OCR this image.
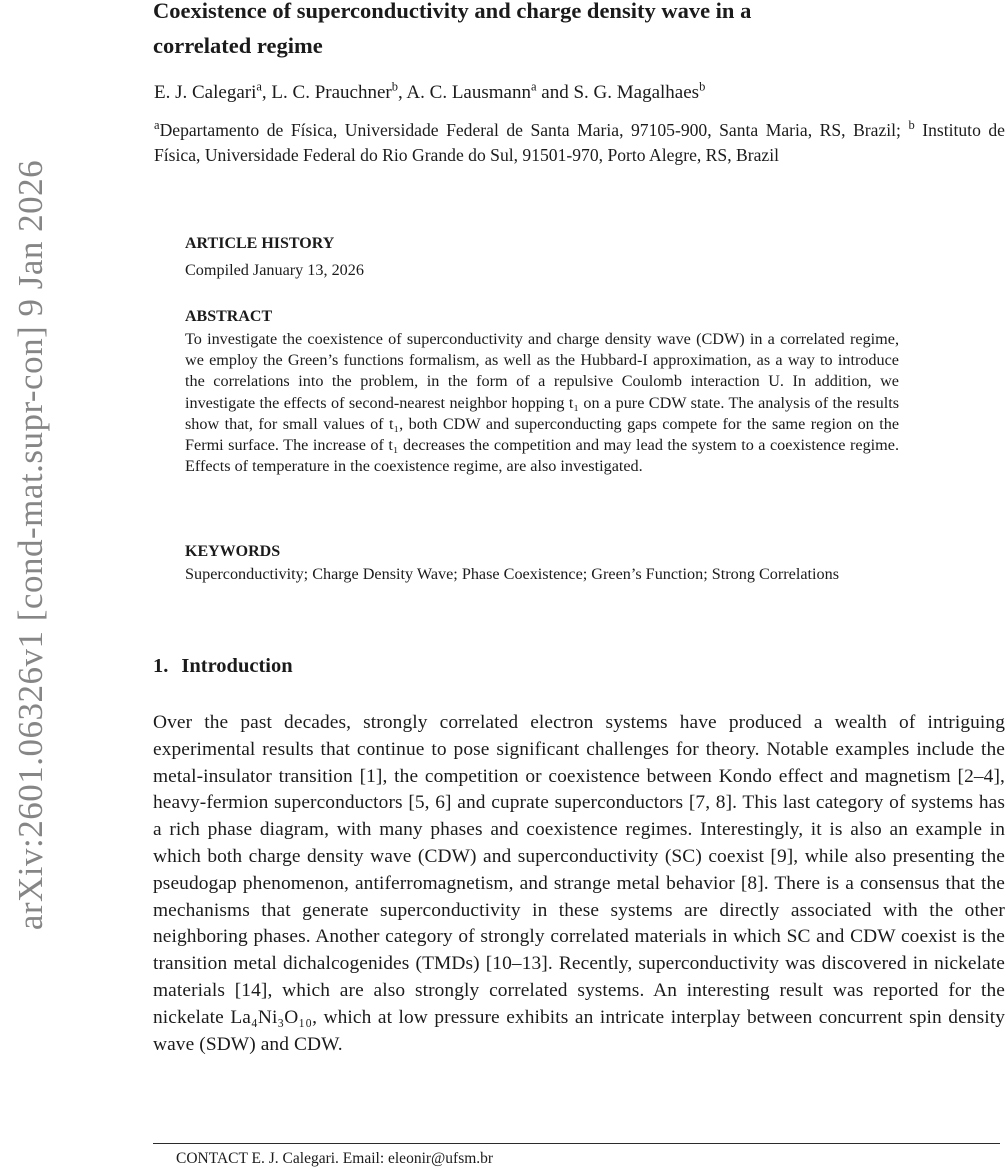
arXiv:2601.06326v1 [cond-mat.supr-con] 9 Jan 2026
Coexistence of superconductivity and charge density wave in a
correlated regime

E. J. Calegari$^a$, L. C. Prauchner$^b$, A. C. Lausmann$^a$ and S. G. Magalhaes$^b$

$^a$Departamento de Física, Universidade Federal de Santa Maria, 97105-900, Santa Maria, RS, Brazil; $^b$ Instituto de Física, Universidade Federal do Rio Grande do Sul, 91501-970, Porto Alegre, RS, Brazil

ARTICLE HISTORY

Compiled January 13, 2026

ABSTRACT

To investigate the coexistence of superconductivity and charge density wave (CDW) in a correlated regime, we employ the Green’s functions formalism, as well as the Hubbard-I approximation, as a way to introduce the correlations into the problem, in the form of a repulsive Coulomb interaction U. In addition, we investigate the effects of second-nearest neighbor hopping t₁ on a pure CDW state. The analysis of the results show that, for small values of t₁, both CDW and superconducting gaps compete for the same region on the Fermi surface. The increase of t₁ decreases the competition and may lead the system to a coexistence regime. Effects of temperature in the coexistence regime, are also investigated.

KEYWORDS

Superconductivity; Charge Density Wave; Phase Coexistence; Green’s Function; Strong Correlations

1. Introduction

Over the past decades, strongly correlated electron systems have produced a wealth of intriguing experimental results that continue to pose significant challenges for theory. Notable examples include the metal-insulator transition [1], the competition or coexistence between Kondo effect and magnetism [2–4], heavy-fermion superconductors [5, 6] and cuprate superconductors [7, 8]. This last category of systems has a rich phase diagram, with many phases and coexistence regimes. Interestingly, it is also an example in which both charge density wave (CDW) and superconductivity (SC) coexist [9], while also presenting the pseudogap phenomenon, antiferromagnetism, and strange metal behavior [8]. There is a consensus that the mechanisms that generate superconductivity in these systems are directly associated with the other neighboring phases. Another category of strongly correlated materials in which SC and CDW coexist is the transition metal dichalcogenides (TMDs) [10–13]. Recently, superconductivity was discovered in nickelate materials [14], which are also strongly correlated systems. An interesting result was reported for the nickelate La₄Ni₃O₁₀, which at low pressure exhibits an intricate interplay between concurrent spin density wave (SDW) and CDW.

CONTACT E. J. Calegari. Email: eleonir@ufsm.br
